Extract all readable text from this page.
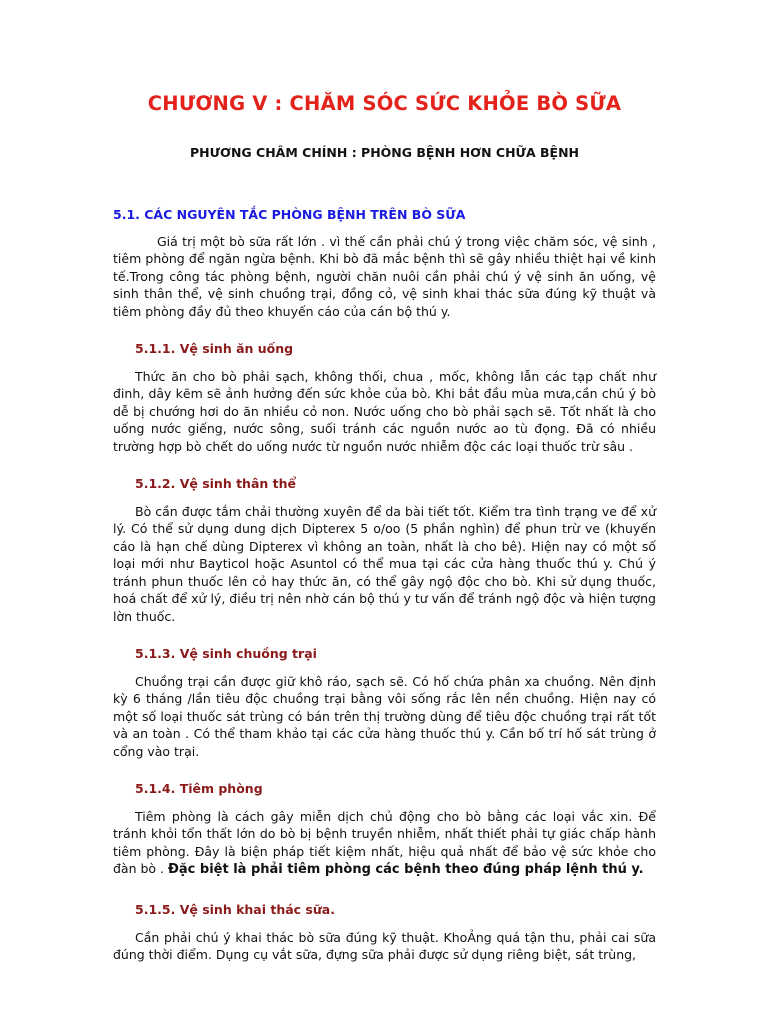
CHƯƠNG V : CHĂM SÓC SỨC KHỎE BÒ SỮA
PHƯƠNG CHÂM CHÍNH : PHÒNG BỆNH HƠN CHỮA BỆNH
5.1. CÁC NGUYÊN TẮC PHÒNG BỆNH TRÊN BÒ SỮA

Giá trị một bò sữa rất lớn . vì thế cần phải chú ý trong việc chăm sóc, vệ sinh , tiêm phòng để ngăn ngừa bệnh. Khi bò đã mắc bệnh thì sẽ gây nhiều thiệt hại về kinh tế.Trong công tác phòng bệnh, người chăn nuôi cần phải chú ý vệ sinh ăn uống, vệ sinh thân thể, vệ sinh chuồng trại, đồng cỏ, vệ sinh khai thác sữa đúng kỹ thuật và tiêm phòng đầy đủ theo khuyến cáo của cán bộ thú y.

5.1.1. Vệ sinh ăn uống

Thức ăn cho bò phải sạch, không thối, chua , mốc, không lẫn các tạp chất như đinh, dây kẽm sẽ ảnh hưởng đến sức khỏe của bò. Khi bắt đầu mùa mưa,cần chú ý bò dễ bị chướng hơi do ăn nhiều cỏ non. Nước uống cho bò phải sạch sẽ. Tốt nhất là cho uống nước giếng, nước sông, suối tránh các nguồn nước ao tù đọng. Đã có nhiều trường hợp bò chết do uống nước từ nguồn nước nhiễm độc các loại thuốc trừ sâu .

5.1.2. Vệ sinh thân thể

Bò cần được tắm chải thường xuyên để da bài tiết tốt. Kiểm tra tình trạng ve để xử lý. Có thể sử dụng dung dịch Dipterex 5 o/oo (5 phần nghìn) để phun trừ ve (khuyến cáo là hạn chế dùng Dipterex vì không an toàn, nhất là cho bê). Hiện nay có một số loại mới như Bayticol hoặc Asuntol có thể mua tại các cửa hàng thuốc thú y. Chú ý tránh phun thuốc lên cỏ hay thức ăn, có thể gây ngộ độc cho bò. Khi sử dụng thuốc, hoá chất để xử lý, điều trị nên nhờ cán bộ thú y tư vấn để tránh ngộ độc và hiện tượng lờn thuốc.

5.1.3. Vệ sinh chuồng trại

Chuồng trại cần được giữ khô ráo, sạch sẽ. Có hố chứa phân xa chuồng. Nên định kỳ 6 tháng /lần tiêu độc chuồng trại bằng vôi sống rắc lên nền chuồng. Hiện nay có một số loại thuốc sát trùng có bán trên thị trường dùng để tiêu độc chuồng trại rất tốt và an toàn . Có thể tham khảo tại các cửa hàng thuốc thú y. Cần bố trí hố sát trùng ở cổng vào trại.

5.1.4. Tiêm phòng

Tiêm phòng là cách gây miễn dịch chủ động cho bò bằng các loại vắc xin. Để tránh khỏi tổn thất lớn do bò bị bệnh truyền nhiễm, nhất thiết phải tự giác chấp hành tiêm phòng. Đây là biện pháp tiết kiệm nhất, hiệu quả nhất để bảo vệ sức khỏe cho đàn bò . Đặc biệt là phải tiêm phòng các bệnh theo đúng pháp lệnh thú y.

5.1.5. Vệ sinh khai thác sữa.

Cần phải chú ý khai thác bò sữa đúng kỹ thuật. KhoẢng quá tận thu, phải cai sữa đúng thời điểm. Dụng cụ vắt sữa, đựng sữa phải được sử dụng riêng biệt, sát trùng,
